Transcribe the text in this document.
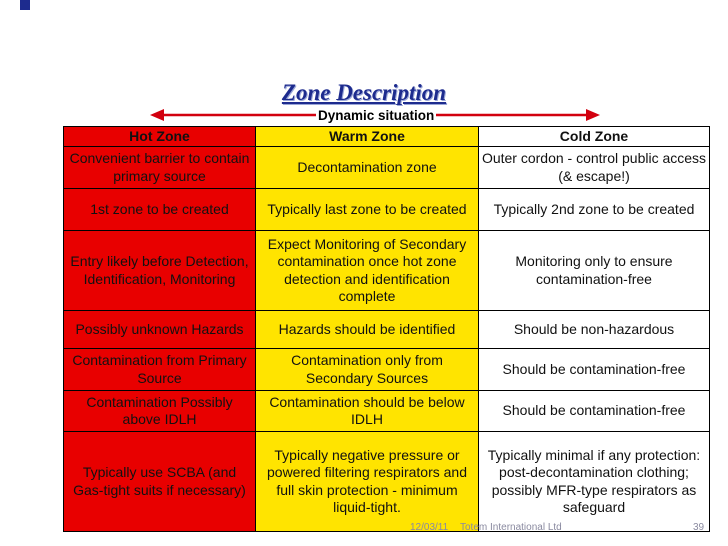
Zone Description
Dynamic situation
Hot Zone	Warm Zone	Cold Zone
Convenient barrier to contain primary source	Decontamination zone	Outer cordon - control public access (& escape!)
1st zone to be created	Typically last zone to be created	Typically 2nd zone to be created
Entry likely before Detection, Identification, Monitoring	Expect Monitoring of Secondary contamination once hot zone detection and identification complete	Monitoring only to ensure contamination-free
Possibly unknown Hazards	Hazards should be identified	Should be non-hazardous
Contamination from Primary Source	Contamination only from Secondary Sources	Should be contamination-free
Contamination Possibly above IDLH	Contamination should be below IDLH	Should be contamination-free
Typically use SCBA (and Gas-tight suits if necessary)	Typically negative pressure or powered filtering respirators and full skin protection - minimum liquid-tight.	Typically minimal if any protection: post-decontamination clothing; possibly MFR-type respirators as safeguard
12/03/11 Totem International Ltd	39
